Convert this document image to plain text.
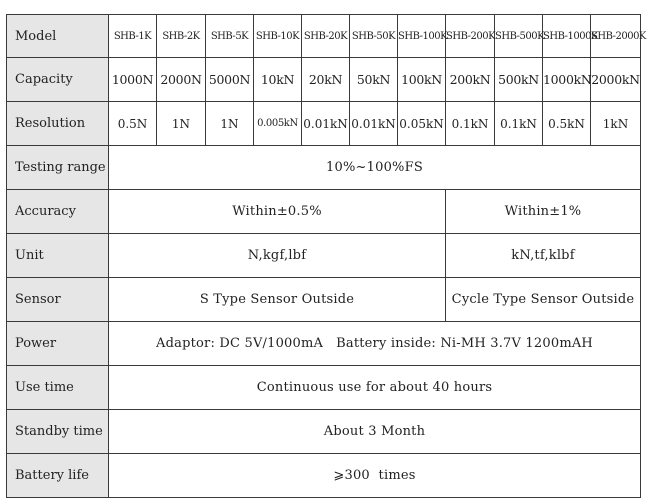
Model	SHB-1K	SHB-2K	SHB-5K	SHB-10K	SHB-20K	SHB-50K	SHB-100K	SHB-200K	SHB-500K	SHB-1000K	SHB-2000K
Capacity	1000N	2000N	5000N	10kN	20kN	50kN	100kN	200kN	500kN	1000kN	2000kN
Resolution	0.5N	1N	1N	0.005kN	0.01kN	0.01kN	0.05kN	0.1kN	0.1kN	0.5kN	1kN
Testing range	10%~100%FS										
Accuracy	Within±0.5%							Within±1%			
Unit	N,kgf,lbf							kN,tf,klbf			
Sensor	S Type Sensor Outside							Cycle Type Sensor Outside			
Power	Adaptor: DC 5V/1000mA   Battery inside: Ni-MH 3.7V 1200mAH										
Use time	Continuous use for about 40 hours										
Standby time	About 3 Month										
Battery life	⩾300  times										
